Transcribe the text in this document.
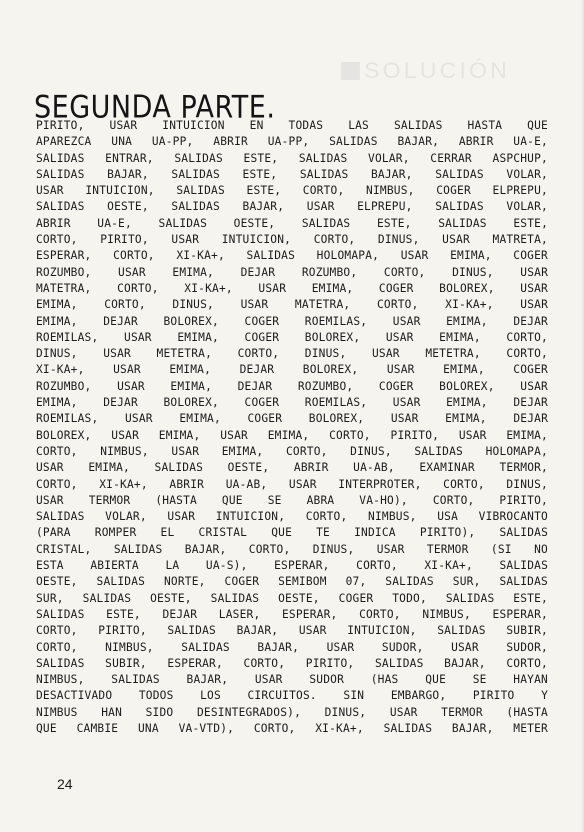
SOLUCIÓN
SEGUNDA PARTE.
PIRITO, USAR INTUICION EN TODAS LAS SALIDAS HASTA QUE
APAREZCA UNA UA-PP, ABRIR UA-PP, SALIDAS BAJAR, ABRIR UA-E,
SALIDAS ENTRAR, SALIDAS ESTE, SALIDAS VOLAR, CERRAR ASPCHUP,
SALIDAS BAJAR, SALIDAS ESTE, SALIDAS BAJAR, SALIDAS VOLAR,
USAR INTUICION, SALIDAS ESTE, CORTO, NIMBUS, COGER ELPREPU,
SALIDAS OESTE, SALIDAS BAJAR, USAR ELPREPU, SALIDAS VOLAR,
ABRIR UA-E, SALIDAS OESTE, SALIDAS ESTE, SALIDAS ESTE,
CORTO, PIRITO, USAR INTUICION, CORTO, DINUS, USAR MATRETA,
ESPERAR, CORTO, XI-KA+, SALIDAS HOLOMAPA, USAR EMIMA, COGER
ROZUMBO, USAR EMIMA, DEJAR ROZUMBO, CORTO, DINUS, USAR
MATETRA, CORTO, XI-KA+, USAR EMIMA, COGER BOLOREX, USAR
EMIMA, CORTO, DINUS, USAR MATETRA, CORTO, XI-KA+, USAR
EMIMA, DEJAR BOLOREX, COGER ROEMILAS, USAR EMIMA, DEJAR
ROEMILAS, USAR EMIMA, COGER BOLOREX, USAR EMIMA, CORTO,
DINUS, USAR METETRA, CORTO, DINUS, USAR METETRA, CORTO,
XI-KA+, USAR EMIMA, DEJAR BOLOREX, USAR EMIMA, COGER
ROZUMBO, USAR EMIMA, DEJAR ROZUMBO, COGER BOLOREX, USAR
EMIMA, DEJAR BOLOREX, COGER ROEMILAS, USAR EMIMA, DEJAR
ROEMILAS, USAR EMIMA, COGER BOLOREX, USAR EMIMA, DEJAR
BOLOREX, USAR EMIMA, USAR EMIMA, CORTO, PIRITO, USAR EMIMA,
CORTO, NIMBUS, USAR EMIMA, CORTO, DINUS, SALIDAS HOLOMAPA,
USAR EMIMA, SALIDAS OESTE, ABRIR UA-AB, EXAMINAR TERMOR,
CORTO, XI-KA+, ABRIR UA-AB, USAR INTERPROTER, CORTO, DINUS,
USAR TERMOR (HASTA QUE SE ABRA VA-HO), CORTO, PIRITO,
SALIDAS VOLAR, USAR INTUICION, CORTO, NIMBUS, USA VIBROCANTO
(PARA ROMPER EL CRISTAL QUE TE INDICA PIRITO), SALIDAS
CRISTAL, SALIDAS BAJAR, CORTO, DINUS, USAR TERMOR (SI NO
ESTA ABIERTA LA UA-S), ESPERAR, CORTO, XI-KA+, SALIDAS
OESTE, SALIDAS NORTE, COGER SEMIBOM 07, SALIDAS SUR, SALIDAS
SUR, SALIDAS OESTE, SALIDAS OESTE, COGER TODO, SALIDAS ESTE,
SALIDAS ESTE, DEJAR LASER, ESPERAR, CORTO, NIMBUS, ESPERAR,
CORTO, PIRITO, SALIDAS BAJAR, USAR INTUICION, SALIDAS SUBIR,
CORTO, NIMBUS, SALIDAS BAJAR, USAR SUDOR, USAR SUDOR,
SALIDAS SUBIR, ESPERAR, CORTO, PIRITO, SALIDAS BAJAR, CORTO,
NIMBUS, SALIDAS BAJAR, USAR SUDOR (HAS QUE SE HAYAN
DESACTIVADO TODOS LOS CIRCUITOS. SIN EMBARGO, PIRITO Y
NIMBUS HAN SIDO DESINTEGRADOS), DINUS, USAR TERMOR (HASTA
QUE CAMBIE UNA VA-VTD), CORTO, XI-KA+, SALIDAS BAJAR, METER
24
